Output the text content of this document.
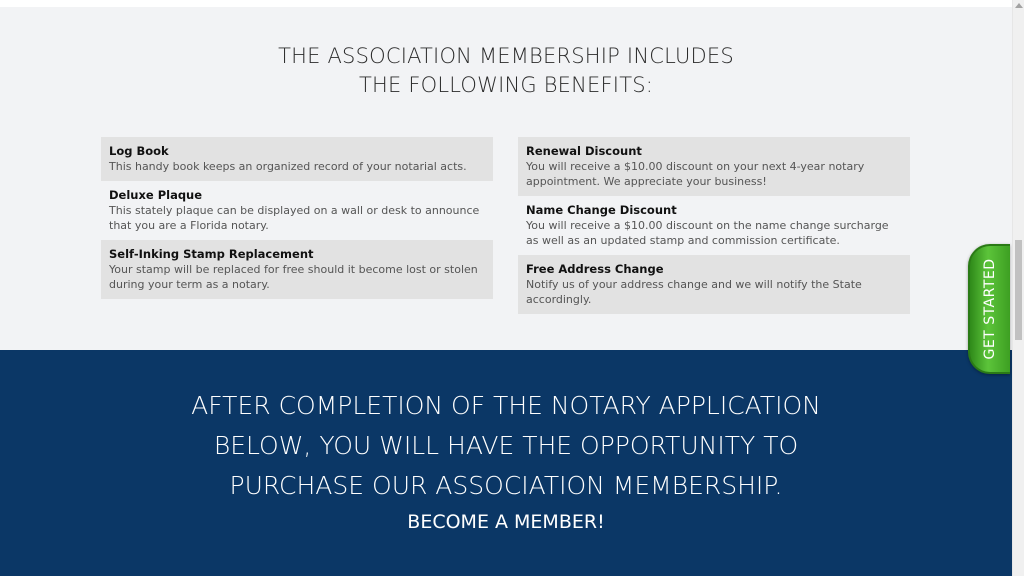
THE ASSOCIATION MEMBERSHIP INCLUDES
THE FOLLOWING BENEFITS:
Log Book
This handy book keeps an organized record of your notarial acts.
Deluxe Plaque
This stately plaque can be displayed on a wall or desk to announce that you are a Florida notary.
Self-Inking Stamp Replacement
Your stamp will be replaced for free should it become lost or stolen during your term as a notary.
Renewal Discount
You will receive a $10.00 discount on your next 4-year notary appointment. We appreciate your business!
Name Change Discount
You will receive a $10.00 discount on the name change surcharge as well as an updated stamp and commission certificate.
Free Address Change
Notify us of your address change and we will notify the State accordingly.
AFTER COMPLETION OF THE NOTARY APPLICATION
BELOW, YOU WILL HAVE THE OPPORTUNITY TO
PURCHASE OUR ASSOCIATION MEMBERSHIP.
BECOME A MEMBER!
GET STARTED
